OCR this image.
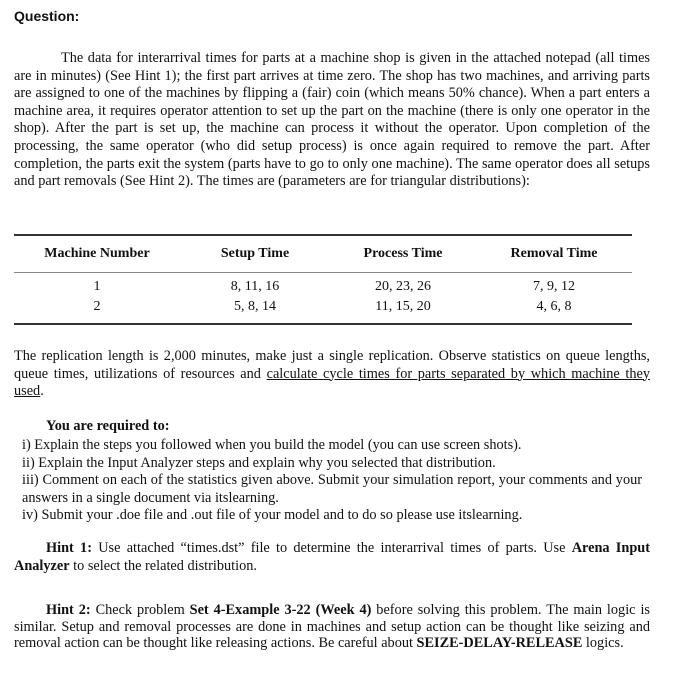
Question:
The data for interarrival times for parts at a machine shop is given in the attached notepad (all times are in minutes) (See Hint 1); the first part arrives at time zero. The shop has two machines, and arriving parts are assigned to one of the machines by flipping a (fair) coin (which means 50% chance). When a part enters a machine area, it requires operator attention to set up the part on the machine (there is only one operator in the shop). After the part is set up, the machine can process it without the operator. Upon completion of the processing, the same operator (who did setup process) is once again required to remove the part. After completion, the parts exit the system (parts have to go to only one machine). The same operator does all setups and part removals (See Hint 2). The times are (parameters are for triangular distributions):
Machine Number	Setup Time	Process Time	Removal Time
1	8, 11, 16	20, 23, 26	7, 9, 12
2	5, 8, 14	11, 15, 20	4, 6, 8
The replication length is 2,000 minutes, make just a single replication. Observe statistics on queue lengths, queue times, utilizations of resources and calculate cycle times for parts separated by which machine they used.
You are required to:
i) Explain the steps you followed when you build the model (you can use screen shots).
ii) Explain the Input Analyzer steps and explain why you selected that distribution.
iii) Comment on each of the statistics given above. Submit your simulation report, your comments and your answers in a single document via itslearning.
iv) Submit your .doe file and .out file of your model and to do so please use itslearning.
Hint 1: Use attached “times.dst” file to determine the interarrival times of parts. Use Arena Input Analyzer to select the related distribution.
Hint 2: Check problem Set 4-Example 3-22 (Week 4) before solving this problem. The main logic is similar. Setup and removal processes are done in machines and setup action can be thought like seizing and removal action can be thought like releasing actions. Be careful about SEIZE-DELAY-RELEASE logics.
